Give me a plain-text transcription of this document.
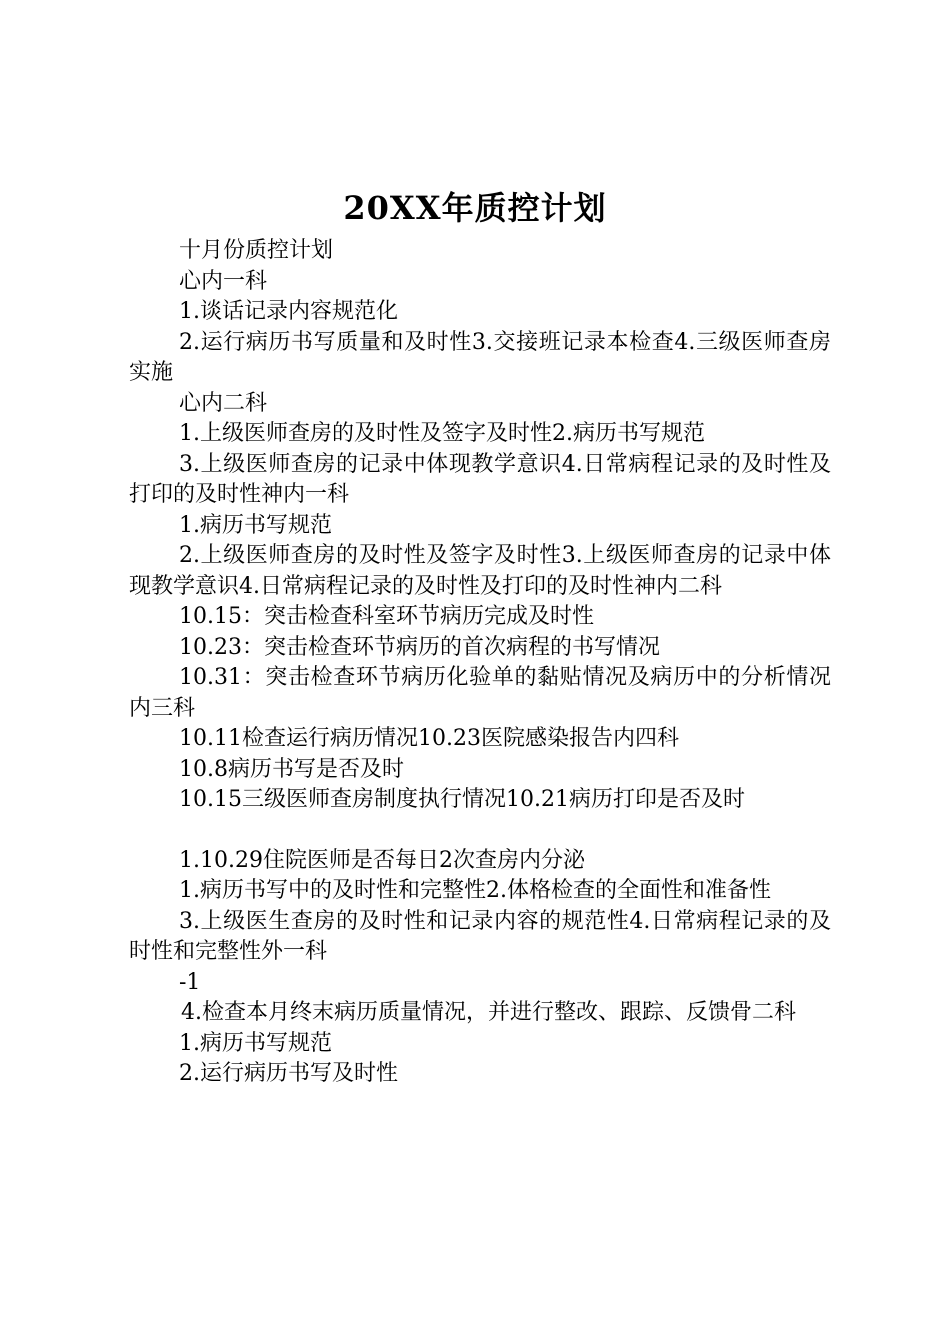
20XX年质控计划

十月份质控计划

心内一科

1.谈话记录内容规范化

2.运行病历书写质量和及时性3.交接班记录本检查4.三级医师查房实施

心内二科

1.上级医师查房的及时性及签字及时性2.病历书写规范

3.上级医师查房的记录中体现教学意识4.日常病程记录的及时性及打印的及时性神内一科

1.病历书写规范

2.上级医师查房的及时性及签字及时性3.上级医师查房的记录中体现教学意识4.日常病程记录的及时性及打印的及时性神内二科

10.15：突击检查科室环节病历完成及时性

10.23：突击检查环节病历的首次病程的书写情况

10.31：突击检查环节病历化验单的黏贴情况及病历中的分析情况内三科

10.11检查运行病历情况10.23医院感染报告内四科

10.8病历书写是否及时

10.15三级医师查房制度执行情况10.21病历打印是否及时

1.10.29住院医师是否每日2次查房内分泌

1.病历书写中的及时性和完整性2.体格检查的全面性和准备性

3.上级医生查房的及时性和记录内容的规范性4.日常病程记录的及时性和完整性外一科

-1

4.检查本月终末病历质量情况，并进行整改、跟踪、反馈骨二科

1.病历书写规范

2.运行病历书写及时性
